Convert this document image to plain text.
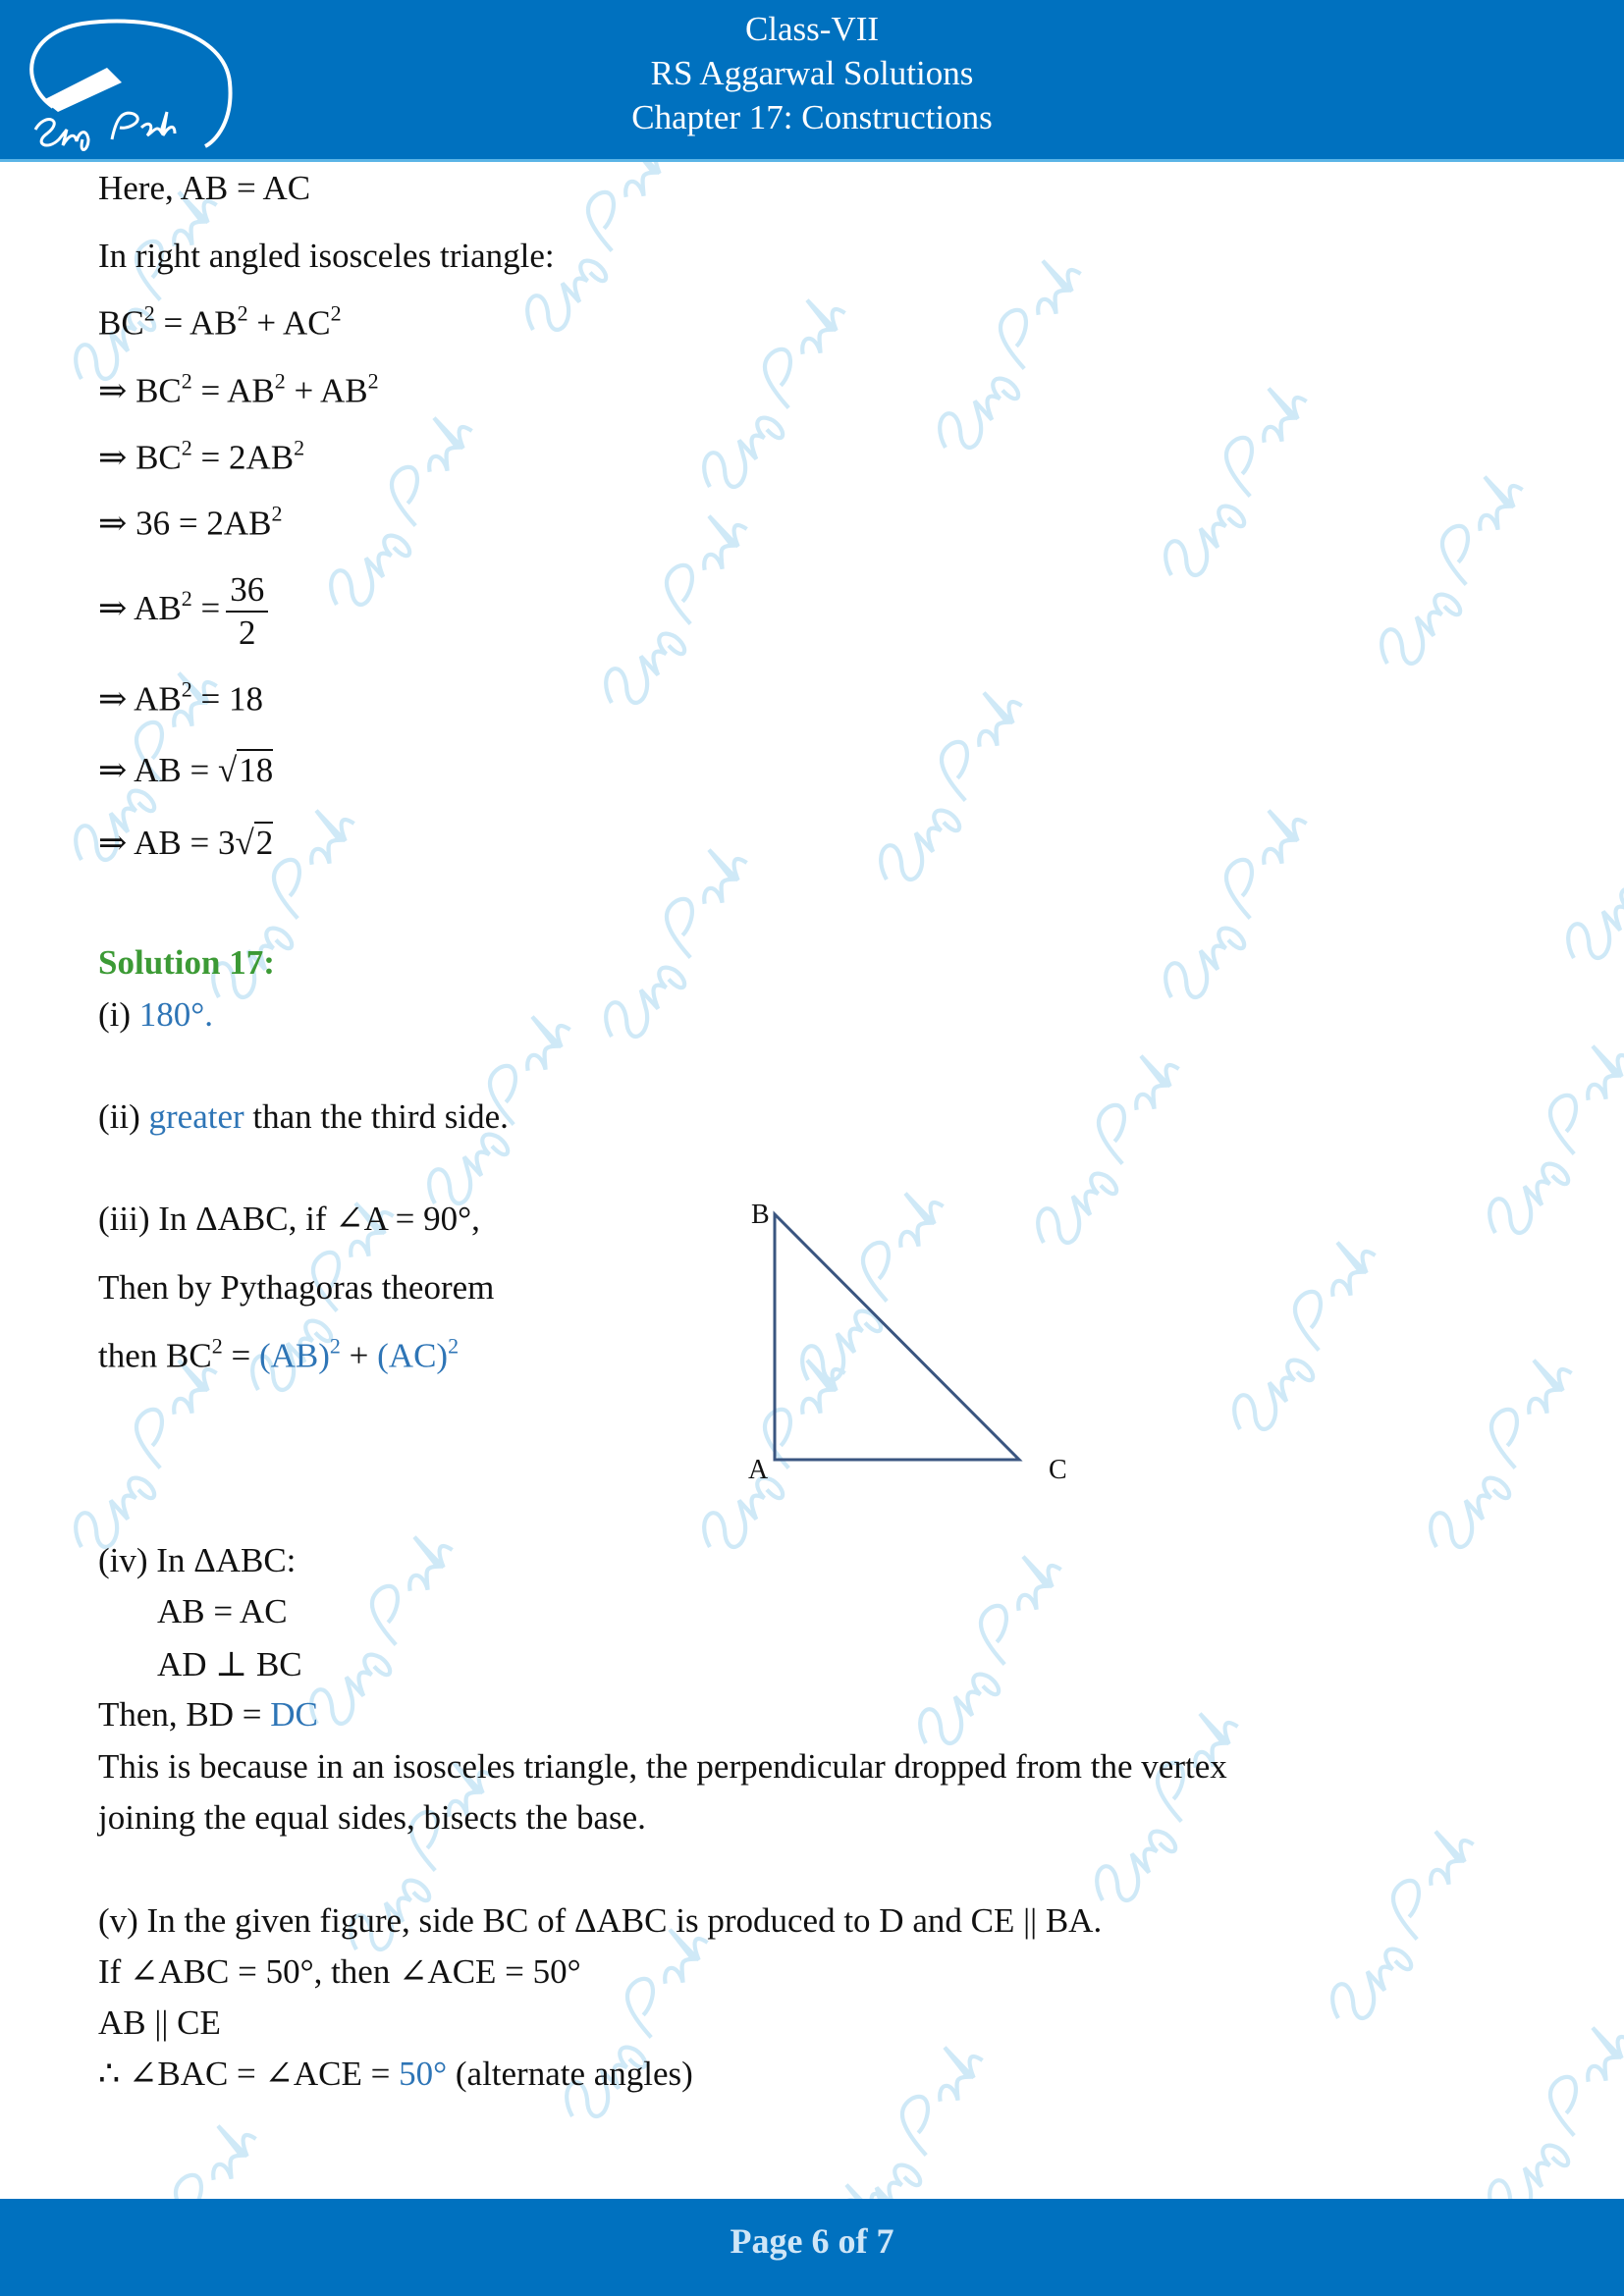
Class-VII
RS Aggarwal Solutions
Chapter 17: Constructions
Here, AB = AC
In right angled isosceles triangle:
$BC^2 = AB^2 + AC^2$
⇒ $BC^2 = AB^2 + AB^2$
⇒ $BC^2 = 2AB^2$
⇒ $36 = 2AB^2$
⇒ $AB^2 = \frac{36}{2}$
⇒ $AB^2 = 18$
⇒ AB = √18
⇒ AB = 3√2
Solution 17:
(i) 180°.
(ii) greater than the third side.
(iii) In ΔABC, if ∠A = 90°,
Then by Pythagoras theorem
then $BC^2 = (AB)^2 + (AC)^2$
(iv) In ΔABC:
AB = AC
AD ⊥ BC
Then, BD = DC
This is because in an isosceles triangle, the perpendicular dropped from the vertex
joining the equal sides, bisects the base.
(v) In the given figure, side BC of ΔABC is produced to D and CE || BA.
If ∠ABC = 50°, then ∠ACE = 50°
AB || CE
∴ ∠BAC = ∠ACE = 50° (alternate angles)
B
A	C
Page 6 of 7
